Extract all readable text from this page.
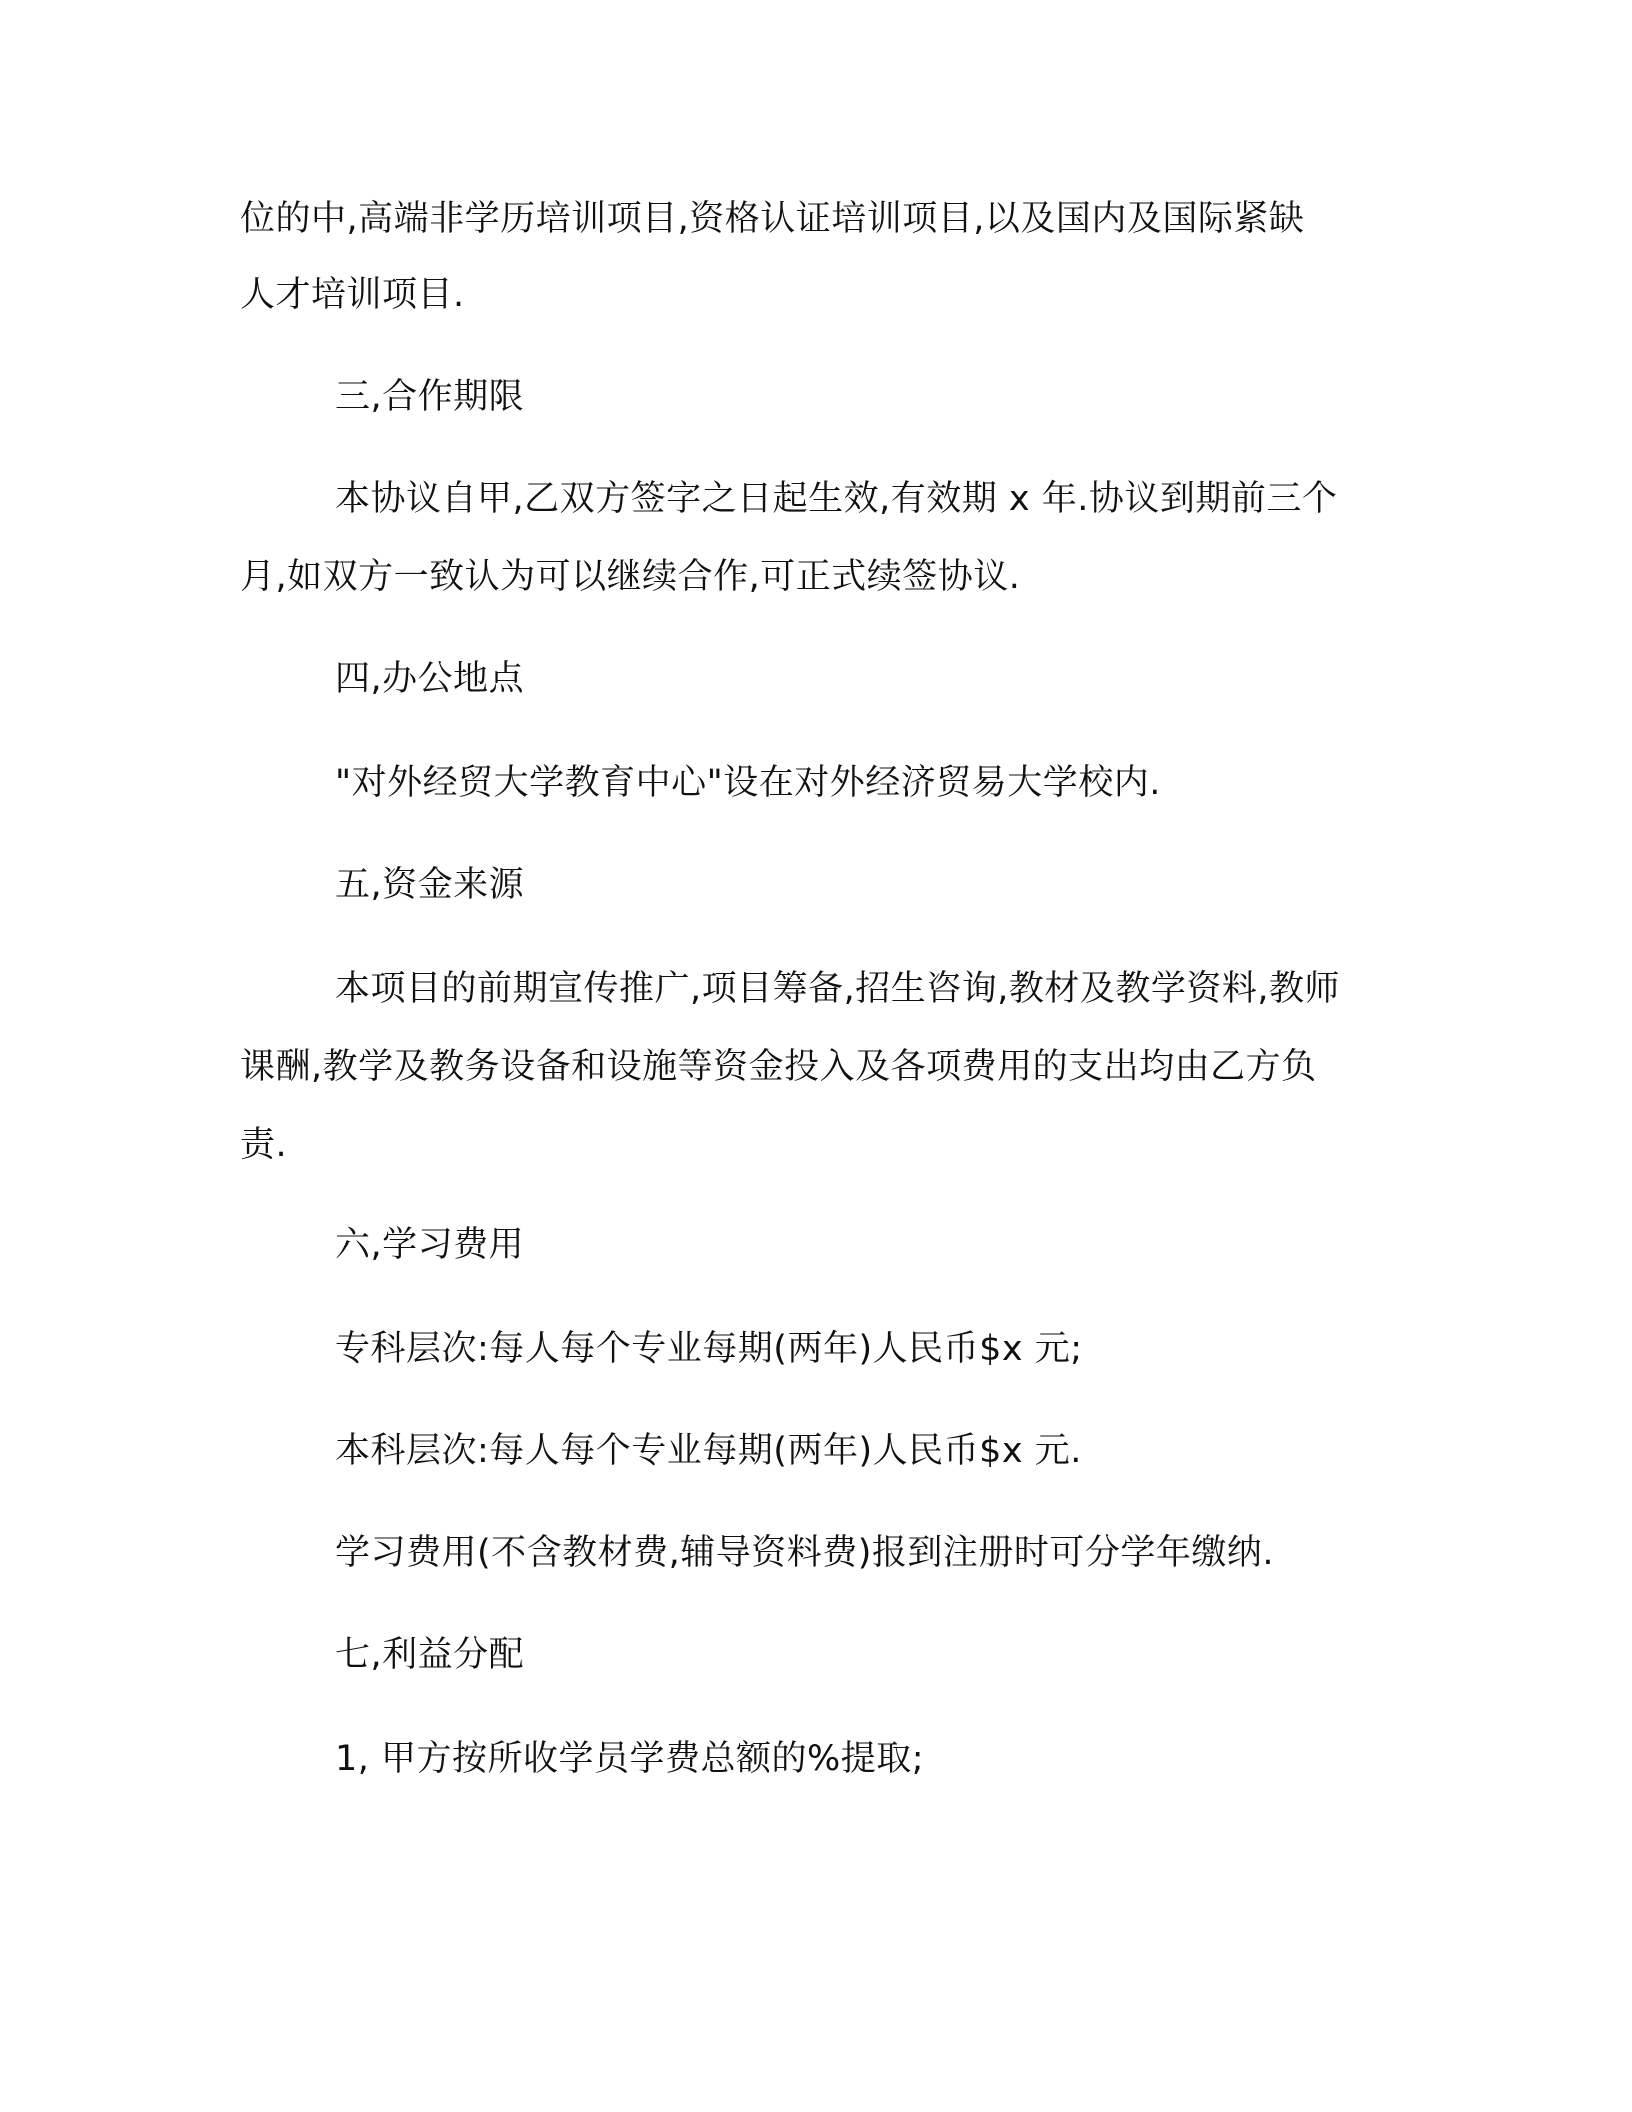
位的中,高端非学历培训项目,资格认证培训项目,以及国内及国际紧缺

人才培训项目.

三,合作期限

本协议自甲,乙双方签字之日起生效,有效期 x 年.协议到期前三个

月,如双方一致认为可以继续合作,可正式续签协议.

四,办公地点

"对外经贸大学教育中心"设在对外经济贸易大学校内.

五,资金来源

本项目的前期宣传推广,项目筹备,招生咨询,教材及教学资料,教师

课酬,教学及教务设备和设施等资金投入及各项费用的支出均由乙方负

责.

六,学习费用

专科层次:每人每个专业每期(两年)人民币$x 元;

本科层次:每人每个专业每期(两年)人民币$x 元.

学习费用(不含教材费,辅导资料费)报到注册时可分学年缴纳.

七,利益分配

1, 甲方按所收学员学费总额的%提取;
